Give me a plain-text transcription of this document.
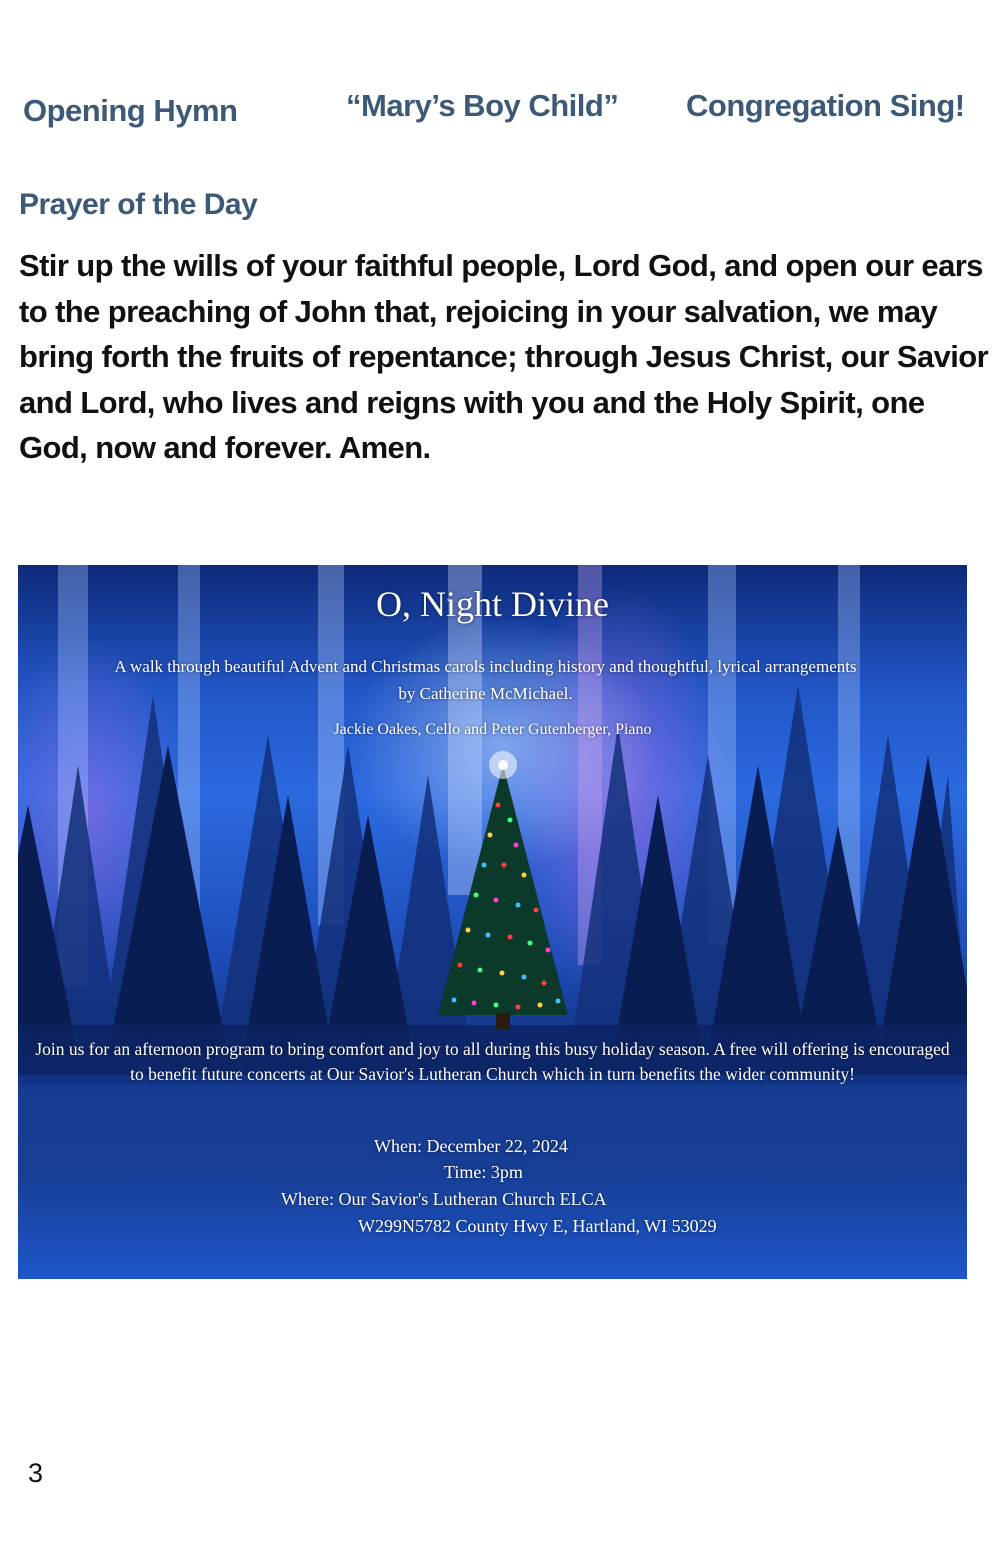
Opening Hymn	“Mary’s Boy Child” Congregation Sing!
Prayer of the Day

Stir up the wills of your faithful people, Lord God, and open our ears to the preaching of John that, rejoicing in your salvation, we may bring forth the fruits of repentance; through Jesus Christ, our Savior and Lord, who lives and reigns with you and the Holy Spirit, one God, now and forever. Amen.

O, Night Divine
A walk through beautiful Advent and Christmas carols including history and thoughtful, lyrical arrangements by Catherine McMichael.
Jackie Oakes, Cello and Peter Gutenberger, Piano
Join us for an afternoon program to bring comfort and joy to all during this busy holiday season. A free will offering is encouraged to benefit future concerts at Our Savior's Lutheran Church which in turn benefits the wider community!
When: December 22, 2024
Time: 3pm
Where: Our Savior's Lutheran Church ELCA
W299N5782 County Hwy E, Hartland, WI 53029
3
